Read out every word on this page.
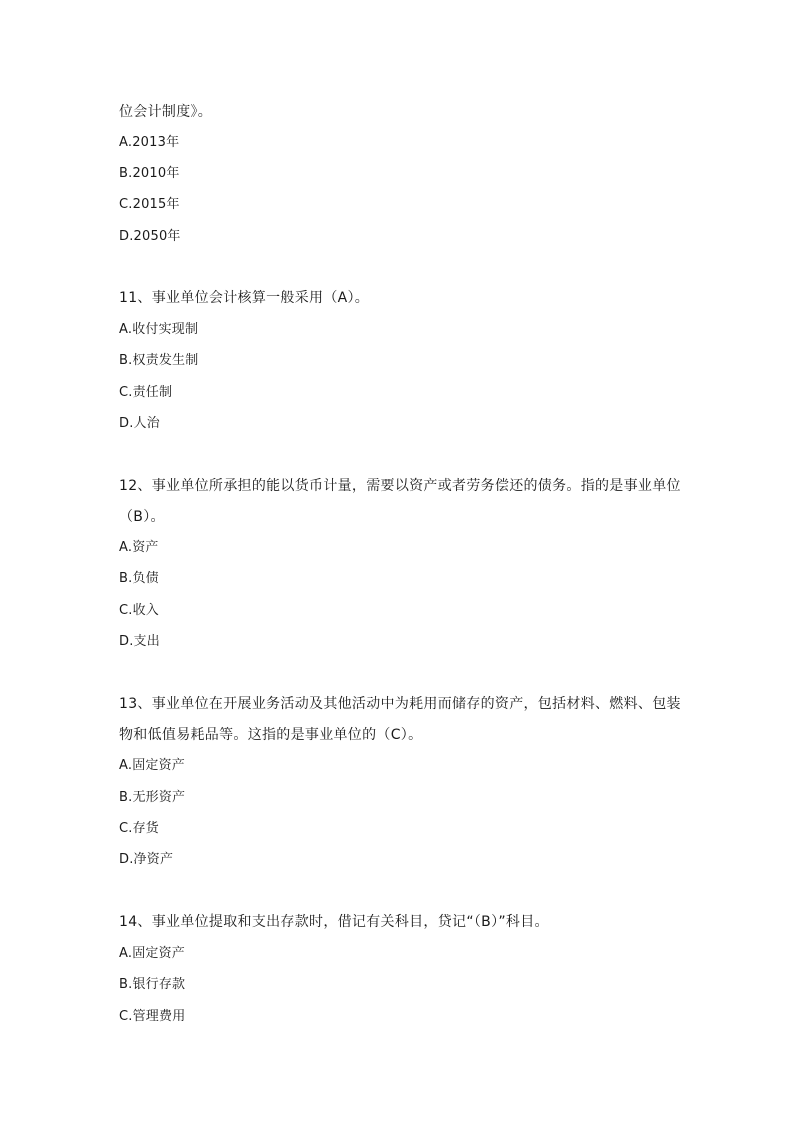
位会计制度》。
A.2013年
B.2010年
C.2015年
D.2050年
11、事业单位会计核算一般采用（A）。
A.收付实现制
B.权责发生制
C.责任制
D.人治
12、事业单位所承担的能以货币计量，需要以资产或者劳务偿还的债务。指的是事业单位
（B）。
A.资产
B.负债
C.收入
D.支出
13、事业单位在开展业务活动及其他活动中为耗用而储存的资产，包括材料、燃料、包装
物和低值易耗品等。这指的是事业单位的（C）。
A.固定资产
B.无形资产
C.存货
D.净资产
14、事业单位提取和支出存款时，借记有关科目，贷记“（B）”科目。
A.固定资产
B.银行存款
C.管理费用
